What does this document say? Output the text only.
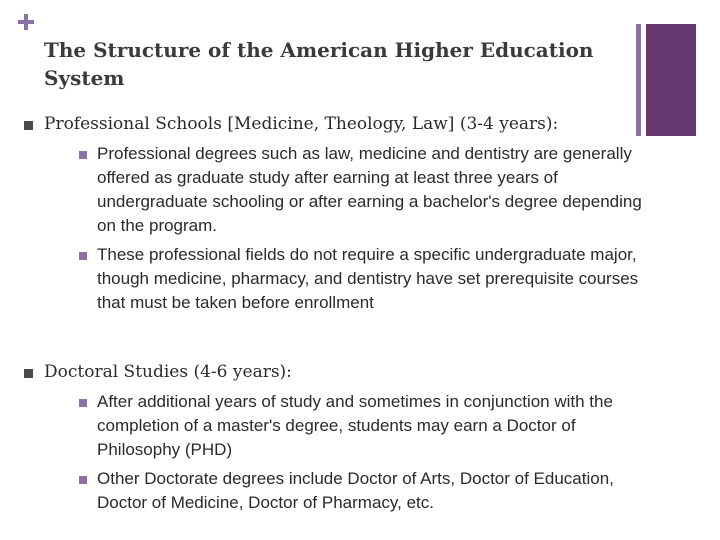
The Structure of the American Higher Education System
Professional Schools [Medicine, Theology, Law] (3-4 years):
Professional degrees such as law, medicine and dentistry are generally offered as graduate study after earning at least three years of undergraduate schooling or after earning a bachelor's degree depending on the program.
These professional fields do not require a specific undergraduate major, though medicine, pharmacy, and dentistry have set prerequisite courses that must be taken before enrollment
Doctoral Studies (4-6 years):
After additional years of study and sometimes in conjunction with the completion of a master's degree, students may earn a Doctor of Philosophy (PHD)
Other Doctorate degrees include Doctor of Arts, Doctor of Education, Doctor of Medicine, Doctor of Pharmacy, etc.
